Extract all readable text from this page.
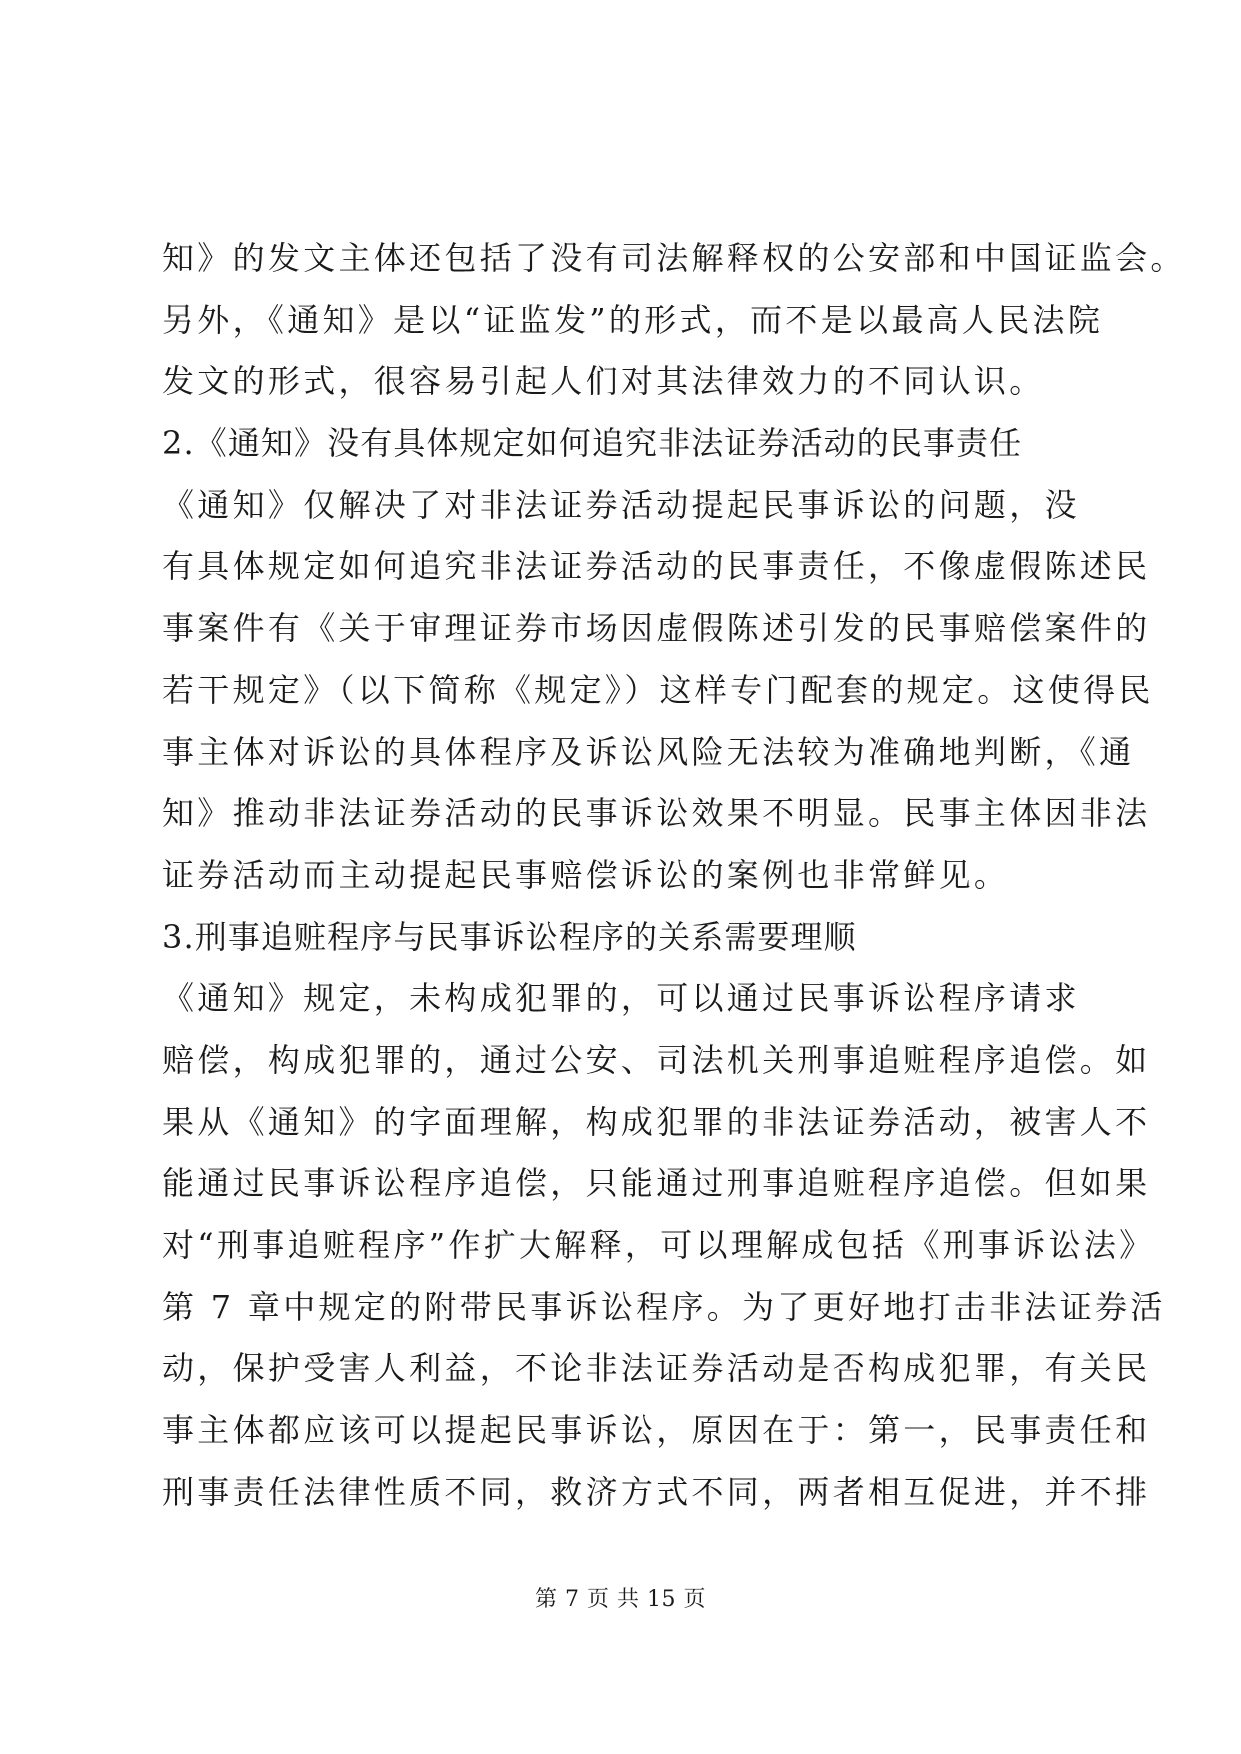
知》的发文主体还包括了没有司法解释权的公安部和中国证监会。
另外，《通知》是以“证监发”的形式，而不是以最高人民法院
发文的形式，很容易引起人们对其法律效力的不同认识。
2.《通知》没有具体规定如何追究非法证券活动的民事责任
《通知》仅解决了对非法证券活动提起民事诉讼的问题，没
有具体规定如何追究非法证券活动的民事责任，不像虚假陈述民
事案件有《关于审理证券市场因虚假陈述引发的民事赔偿案件的
若干规定》（以下简称《规定》）这样专门配套的规定。这使得民
事主体对诉讼的具体程序及诉讼风险无法较为准确地判断，《通
知》推动非法证券活动的民事诉讼效果不明显。民事主体因非法
证券活动而主动提起民事赔偿诉讼的案例也非常鲜见。
3.刑事追赃程序与民事诉讼程序的关系需要理顺
《通知》规定，未构成犯罪的，可以通过民事诉讼程序请求
赔偿，构成犯罪的，通过公安、司法机关刑事追赃程序追偿。如
果从《通知》的字面理解，构成犯罪的非法证券活动，被害人不
能通过民事诉讼程序追偿，只能通过刑事追赃程序追偿。但如果
对“刑事追赃程序”作扩大解释，可以理解成包括《刑事诉讼法》
第 7 章中规定的附带民事诉讼程序。为了更好地打击非法证券活
动，保护受害人利益，不论非法证券活动是否构成犯罪，有关民
事主体都应该可以提起民事诉讼，原因在于：第一，民事责任和
刑事责任法律性质不同，救济方式不同，两者相互促进，并不排
第 7 页 共 15 页
